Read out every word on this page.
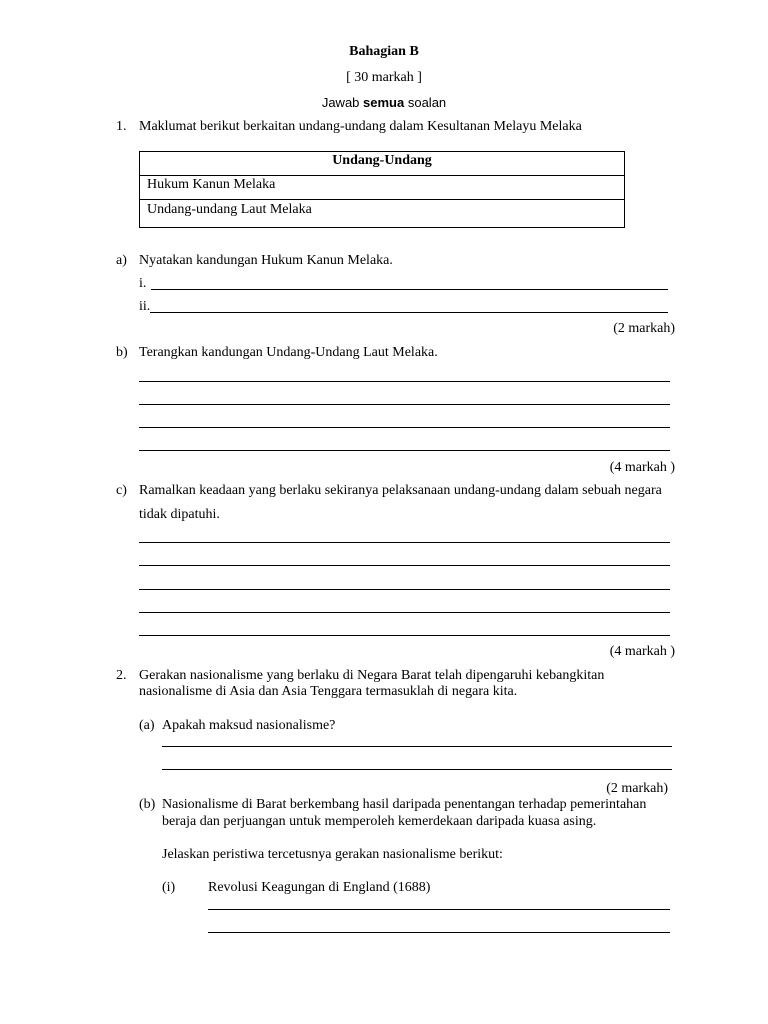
Bahagian B
[ 30 markah ]
Jawab semua soalan
1. Maklumat berikut berkaitan undang-undang dalam Kesultanan Melayu Melaka
Undang-Undang
Hukum Kanun Melaka
Undang-undang Laut Melaka
a) Nyatakan kandungan Hukum Kanun Melaka.
i.
ii.
(2 markah)
b) Terangkan kandungan Undang-Undang Laut Melaka.
(4 markah )
c) Ramalkan keadaan yang berlaku sekiranya pelaksanaan undang-undang dalam sebuah negara
tidak dipatuhi.
(4 markah )
2. Gerakan nasionalisme yang berlaku di Negara Barat telah dipengaruhi kebangkitan
nasionalisme di Asia dan Asia Tenggara termasuklah di negara kita.
(a) Apakah maksud nasionalisme?
(2 markah)
(b) Nasionalisme di Barat berkembang hasil daripada penentangan terhadap pemerintahan
beraja dan perjuangan untuk memperoleh kemerdekaan daripada kuasa asing.
Jelaskan peristiwa tercetusnya gerakan nasionalisme berikut:
(i) Revolusi Keagungan di England (1688)
